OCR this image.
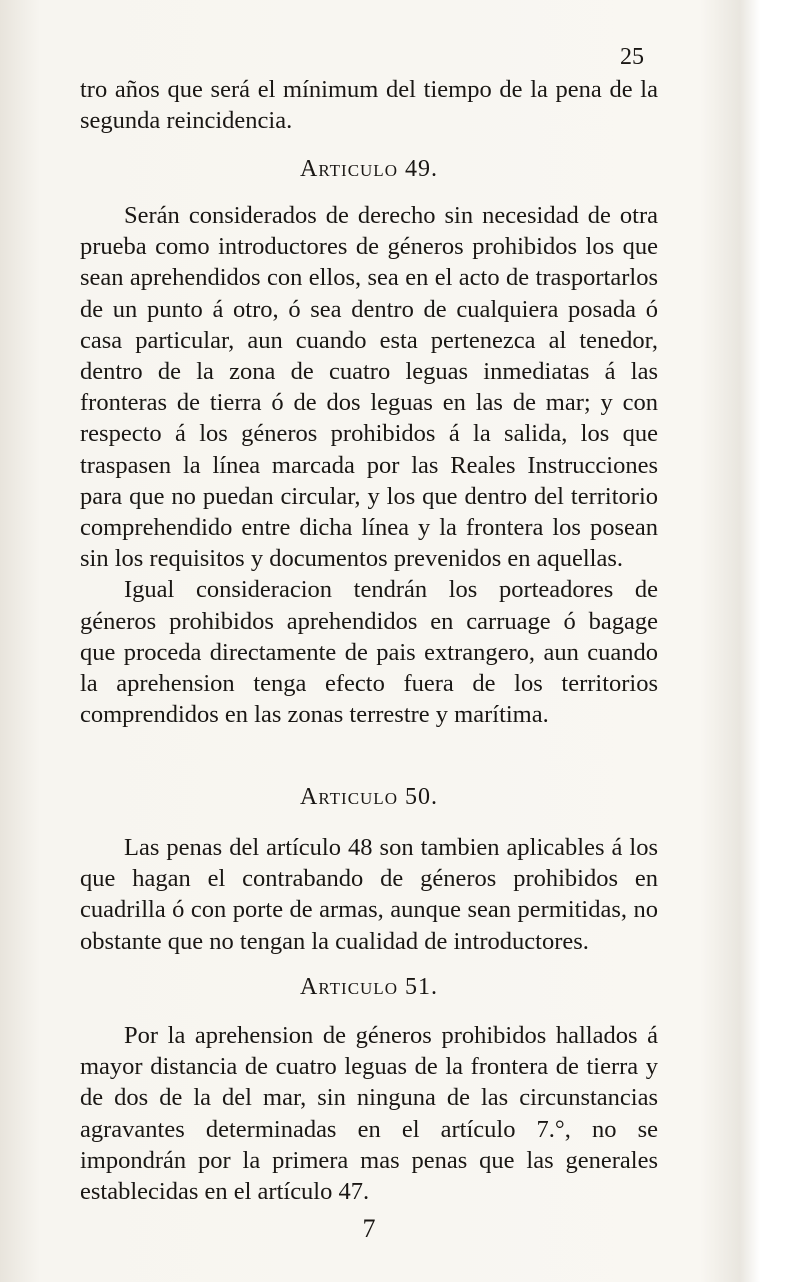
25

tro años que será el mínimum del tiempo de la pena de la segunda reincidencia.

Articulo 49.

Serán considerados de derecho sin necesidad de otra prueba como introductores de géneros prohibidos los que sean aprehendidos con ellos, sea en el acto de trasportarlos de un punto á otro, ó sea dentro de cualquiera posada ó casa particular, aun cuando esta pertenezca al tenedor, dentro de la zona de cuatro leguas inmediatas á las fronteras de tierra ó de dos leguas en las de mar; y con respecto á los géneros prohibidos á la salida, los que traspasen la línea marcada por las Reales Instrucciones para que no puedan circular, y los que dentro del territorio comprehendido entre dicha línea y la frontera los posean sin los requisitos y documentos prevenidos en aquellas.

Igual consideracion tendrán los porteadores de géneros prohibidos aprehendidos en carruage ó bagage que proceda directamente de pais extrangero, aun cuando la aprehension tenga efecto fuera de los territorios comprendidos en las zonas terrestre y marítima.

Articulo 50.

Las penas del artículo 48 son tambien aplicables á los que hagan el contrabando de géneros prohibidos en cuadrilla ó con porte de armas, aunque sean permitidas, no obstante que no tengan la cualidad de introductores.

Articulo 51.

Por la aprehension de géneros prohibidos hallados á mayor distancia de cuatro leguas de la frontera de tierra y de dos de la del mar, sin ninguna de las circunstancias agravantes determinadas en el artículo 7.°, no se impondrán por la primera mas penas que las generales establecidas en el artículo 47.

7
